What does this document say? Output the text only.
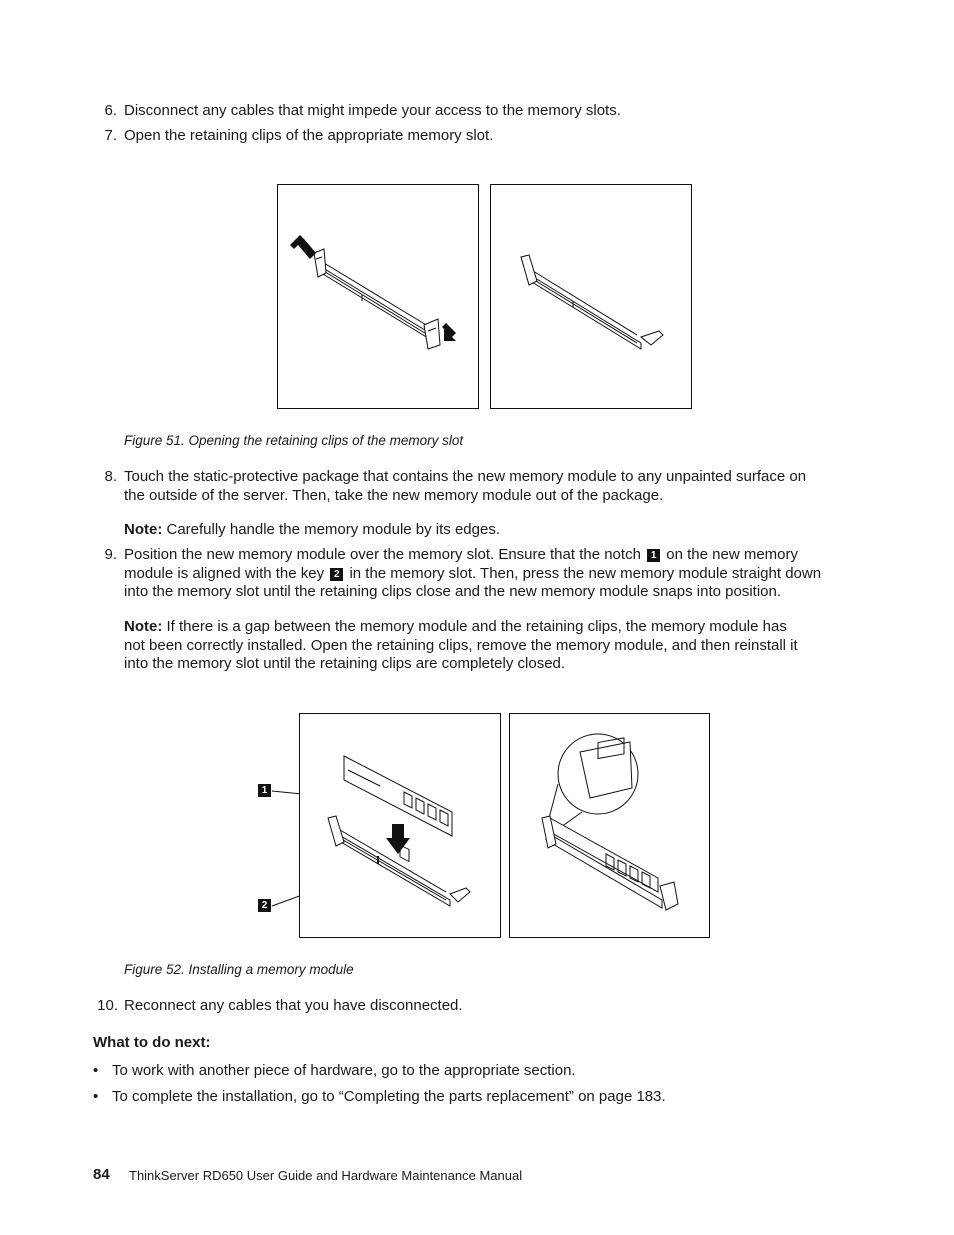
6. Disconnect any cables that might impede your access to the memory slots.
7. Open the retaining clips of the appropriate memory slot.
Figure 51. Opening the retaining clips of the memory slot
8. Touch the static-protective package that contains the new memory module to any unpainted surface on
the outside of the server. Then, take the new memory module out of the package.
Note: Carefully handle the memory module by its edges.
9. Position the new memory module over the memory slot. Ensure that the notch 1 on the new memory
module is aligned with the key 2 in the memory slot. Then, press the new memory module straight down
into the memory slot until the retaining clips close and the new memory module snaps into position.
Note: If there is a gap between the memory module and the retaining clips, the memory module has
not been correctly installed. Open the retaining clips, remove the memory module, and then reinstall it
into the memory slot until the retaining clips are completely closed.
1
2
Figure 52. Installing a memory module
10. Reconnect any cables that you have disconnected.
What to do next:
• To work with another piece of hardware, go to the appropriate section.
• To complete the installation, go to “Completing the parts replacement” on page 183.
84 ThinkServer RD650 User Guide and Hardware Maintenance Manual
